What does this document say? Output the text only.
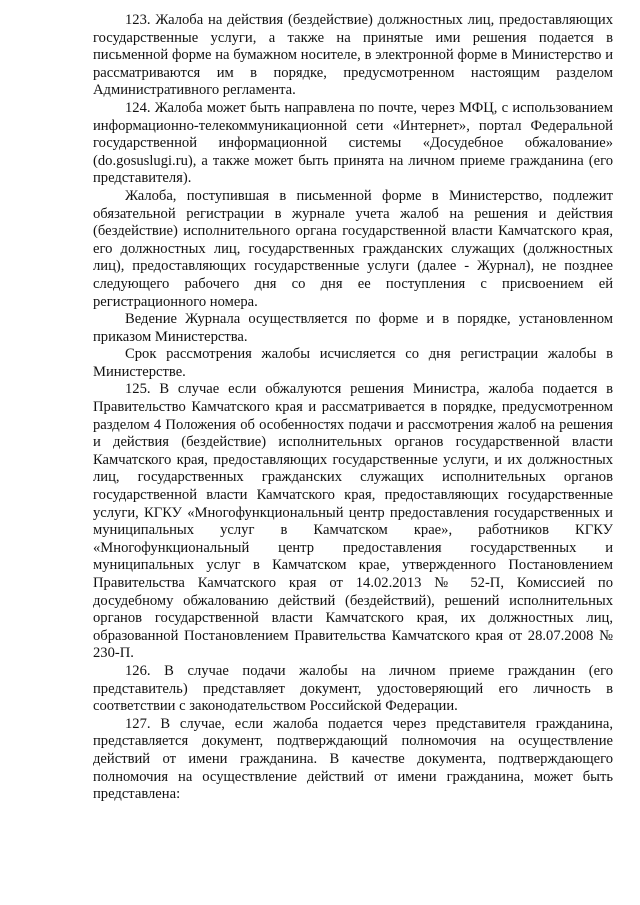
123. Жалоба на действия (бездействие) должностных лиц, предоставляющих государственные услуги, а также на принятые ими решения подается в письменной форме на бумажном носителе, в электронной форме в Министерство и рассматриваются им в порядке, предусмотренном настоящим разделом Административного регламента.

124. Жалоба может быть направлена по почте, через МФЦ, с использованием информационно-телекоммуникационной сети «Интернет», портал Федеральной государственной информационной системы «Досудебное обжалование» (do.gosuslugi.ru), а также может быть принята на личном приеме гражданина (его представителя).

Жалоба, поступившая в письменной форме в Министерство, подлежит обязательной регистрации в журнале учета жалоб на решения и действия (бездействие) исполнительного органа государственной власти Камчатского края, его должностных лиц, государственных гражданских служащих (должностных лиц), предоставляющих государственные услуги (далее - Журнал), не позднее следующего рабочего дня со дня ее поступления с присвоением ей регистрационного номера.

Ведение Журнала осуществляется по форме и в порядке, установленном приказом Министерства.

Срок рассмотрения жалобы исчисляется со дня регистрации жалобы в Министерстве.

125. В случае если обжалуются решения Министра, жалоба подается в Правительство Камчатского края и рассматривается в порядке, предусмотренном разделом 4 Положения об особенностях подачи и рассмотрения жалоб на решения и действия (бездействие) исполнительных органов государственной власти Камчатского края, предоставляющих государственные услуги, и их должностных лиц, государственных гражданских служащих исполнительных органов государственной власти Камчатского края, предоставляющих государственные услуги, КГКУ «Многофункциональный центр предоставления государственных и муниципальных услуг в Камчатском крае», работников КГКУ «Многофункциональный центр предоставления государственных и муниципальных услуг в Камчатском крае, утвержденного Постановлением Правительства Камчатского края от 14.02.2013 № 52-П, Комиссией по досудебному обжалованию действий (бездействий), решений исполнительных органов государственной власти Камчатского края, их должностных лиц, образованной Постановлением Правительства Камчатского края от 28.07.2008 № 230-П.

126. В случае подачи жалобы на личном приеме гражданин (его представитель) представляет документ, удостоверяющий его личность в соответствии с законодательством Российской Федерации.

127. В случае, если жалоба подается через представителя гражданина, представляется документ, подтверждающий полномочия на осуществление действий от имени гражданина. В качестве документа, подтверждающего полномочия на осуществление действий от имени гражданина, может быть представлена:
